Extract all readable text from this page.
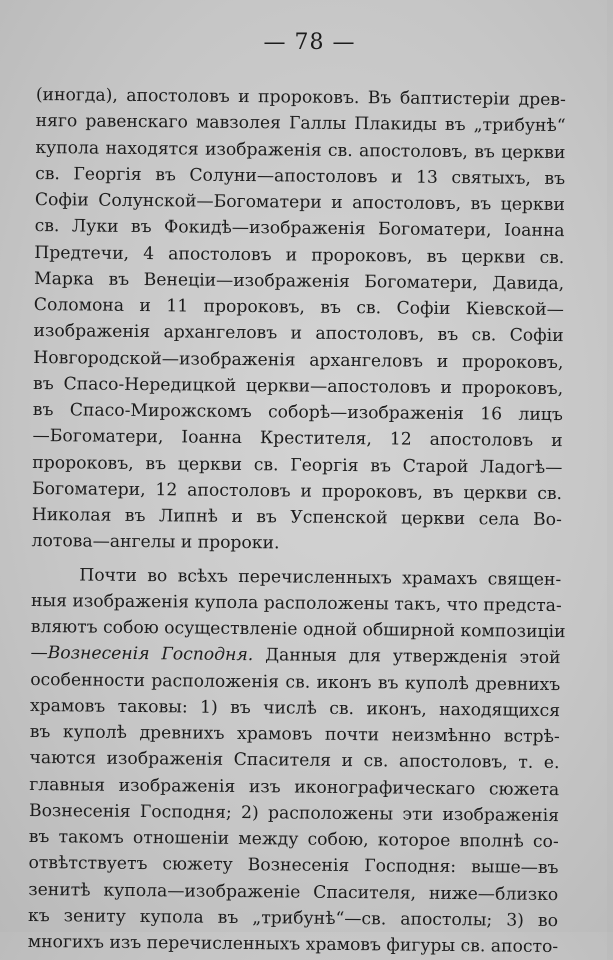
— 78 —
(иногда), апостоловъ и пророковъ. Въ баптистеріи древ-
няго равенскаго мавзолея Галлы Плакиды въ „трибунѣ“
купола находятся изображенія св. апостоловъ, въ церкви
св. Георгія въ Солуни—апостоловъ и 13 святыхъ, въ
Софіи Солунской—Богоматери и апостоловъ, въ церкви
св. Луки въ Фокидѣ—изображенія Богоматери, Іоанна
Предтечи, 4 апостоловъ и пророковъ, въ церкви св.
Марка въ Венеціи—изображенія Богоматери, Давида,
Соломона и 11 пророковъ, въ св. Софіи Кіевской—
изображенія архангеловъ и апостоловъ, въ св. Софіи
Новгородской—изображенія архангеловъ и пророковъ,
въ Спасо-Нередицкой церкви—апостоловъ и пророковъ,
въ Спасо-Мирожскомъ соборѣ—изображенія 16 лицъ
—Богоматери, Іоанна Крестителя, 12 апостоловъ и
пророковъ, въ церкви св. Георгія въ Старой Ладогѣ—
Богоматери, 12 апостоловъ и пророковъ, въ церкви св.
Николая въ Липнѣ и въ Успенской церкви села Во-
лотова—ангелы и пророки.
Почти во всѣхъ перечисленныхъ храмахъ священ-
ныя изображенія купола расположены такъ, что предста-
вляютъ собою осуществленіе одной обширной композиціи
—Вознесенія Господня. Данныя для утвержденія этой
особенности расположенія св. иконъ въ куполѣ древнихъ
храмовъ таковы: 1) въ числѣ св. иконъ, находящихся
въ куполѣ древнихъ храмовъ почти неизмѣнно встрѣ-
чаются изображенія Спасителя и св. апостоловъ, т. е.
главныя изображенія изъ иконографическаго сюжета
Вознесенія Господня; 2) расположены эти изображенія
въ такомъ отношеніи между собою, которое вполнѣ со-
отвѣтствуетъ сюжету Вознесенія Господня: выше—въ
зенитѣ купола—изображеніе Спасителя, ниже—близко
къ зениту купола въ „трибунѣ“—св. апостолы; 3) во
многихъ изъ перечисленныхъ храмовъ фигуры св. апосто-
